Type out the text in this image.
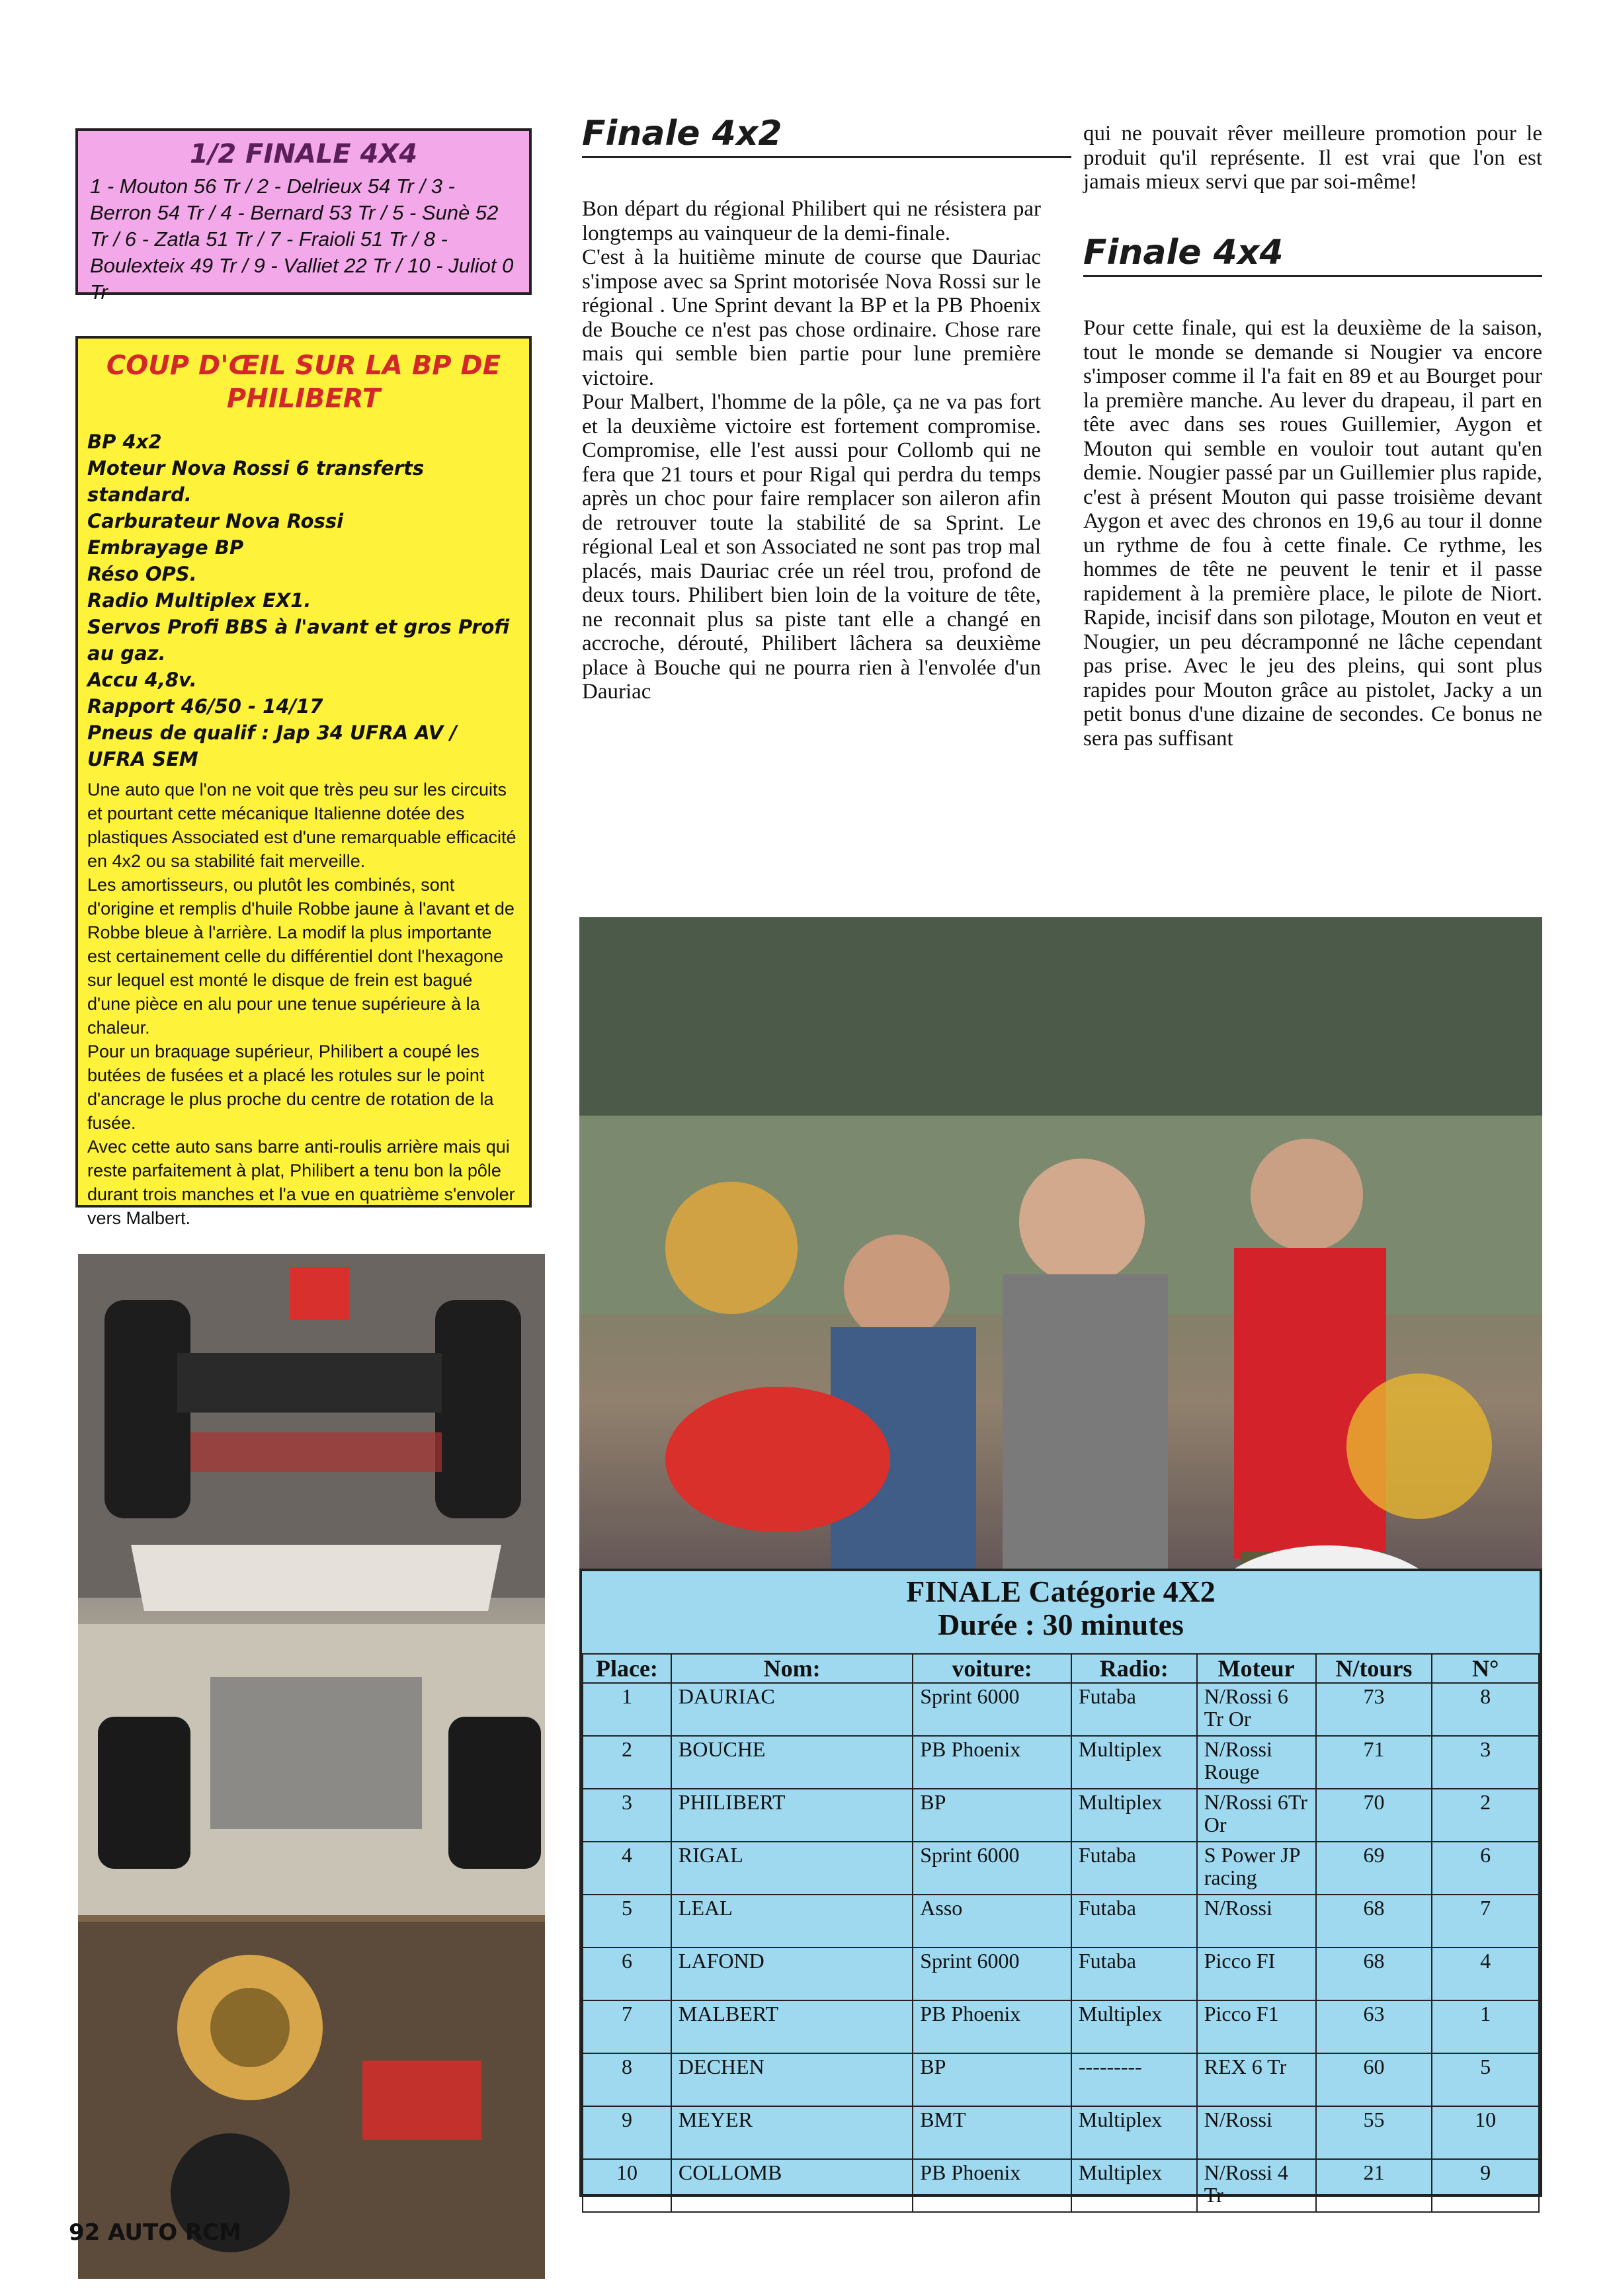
1/2 FINALE 4X4
1 - Mouton 56 Tr / 2 - Delrieux 54 Tr / 3 - Berron 54 Tr / 4 - Bernard 53 Tr / 5 - Sunè 52 Tr / 6 - Zatla 51 Tr / 7 - Fraioli 51 Tr / 8 - Boulexteix 49 Tr / 9 - Valliet 22 Tr / 10 - Juliot 0 Tr
COUP D'ŒIL SUR LA BP DE PHILIBERT
BP 4x2
Moteur Nova Rossi 6 transferts standard.
Carburateur Nova Rossi
Embrayage BP
Réso OPS.
Radio Multiplex EX1.
Servos Profi BBS à l'avant et gros Profi au gaz.
Accu 4,8v.
Rapport 46/50 - 14/17
Pneus de qualif : Jap 34 UFRA AV / UFRA SEM

Une auto que l'on ne voit que très peu sur les circuits et pourtant cette mécanique Italienne dotée des plastiques Associated est d'une remarquable efficacité en 4x2 ou sa stabilité fait merveille.

Les amortisseurs, ou plutôt les combinés, sont d'origine et remplis d'huile Robbe jaune à l'avant et de Robbe bleue à l'arrière. La modif la plus importante est certainement celle du différentiel dont l'hexagone sur lequel est monté le disque de frein est bagué d'une pièce en alu pour une tenue supérieure à la chaleur.

Pour un braquage supérieur, Philibert a coupé les butées de fusées et a placé les rotules sur le point d'ancrage le plus proche du centre de rotation de la fusée.

Avec cette auto sans barre anti-roulis arrière mais qui reste parfaitement à plat, Philibert a tenu bon la pôle durant trois manches et l'a vue en quatrième s'envoler vers Malbert.

Finale 4x2

Bon départ du régional Philibert qui ne résistera par longtemps au vainqueur de la demi-finale.

C'est à la huitième minute de course que Dauriac s'impose avec sa Sprint motorisée Nova Rossi sur le régional . Une Sprint devant la BP et la PB Phoenix de Bouche ce n'est pas chose ordinaire. Chose rare mais qui semble bien partie pour lune première victoire.

Pour Malbert, l'homme de la pôle, ça ne va pas fort et la deuxième victoire est fortement compromise. Compromise, elle l'est aussi pour Collomb qui ne fera que 21 tours et pour Rigal qui perdra du temps après un choc pour faire remplacer son aileron afin de retrouver toute la stabilité de sa Sprint. Le régional Leal et son Associated ne sont pas trop mal placés, mais Dauriac crée un réel trou, profond de deux tours. Philibert bien loin de la voiture de tête, ne reconnait plus sa piste tant elle a changé en accroche, dérouté, Philibert lâchera sa deuxième place à Bouche qui ne pourra rien à l'envolée d'un Dauriac

qui ne pouvait rêver meilleure promotion pour le produit qu'il représente. Il est vrai que l'on est jamais mieux servi que par soi-même!
Finale 4x4
Pour cette finale, qui est la deuxième de la saison, tout le monde se demande si Nougier va encore s'imposer comme il l'a fait en 89 et au Bourget pour la première manche. Au lever du drapeau, il part en tête avec dans ses roues Guillemier, Aygon et Mouton qui semble en vouloir tout autant qu'en demie. Nougier passé par un Guillemier plus rapide, c'est à présent Mouton qui passe troisième devant Aygon et avec des chronos en 19,6 au tour il donne un rythme de fou à cette finale. Ce rythme, les hommes de tête ne peuvent le tenir et il passe rapidement à la première place, le pilote de Niort. Rapide, incisif dans son pilotage, Mouton en veut et Nougier, un peu décramponné ne lâche cependant pas prise. Avec le jeu des pleins, qui sont plus rapides pour Mouton grâce au pistolet, Jacky a un petit bonus d'une dizaine de secondes. Ce bonus ne sera pas suffisant
FINALE Catégorie 4X2
Durée : 30 minutes
Place:	Nom:	voiture:	Radio:	Moteur	N/tours	N°
1	DAURIAC	Sprint 6000	Futaba	N/Rossi 6 Tr Or	73	8
2	BOUCHE	PB Phoenix	Multiplex	N/Rossi Rouge	71	3
3	PHILIBERT	BP	Multiplex	N/Rossi 6Tr Or	70	2
4	RIGAL	Sprint 6000	Futaba	S Power JP racing	69	6
5	LEAL	Asso	Futaba	N/Rossi	68	7
6	LAFOND	Sprint 6000	Futaba	Picco FI	68	4
7	MALBERT	PB Phoenix	Multiplex	Picco F1	63	1
8	DECHEN	BP	---------	REX 6 Tr	60	5
9	MEYER	BMT	Multiplex	N/Rossi	55	10
10	COLLOMB	PB Phoenix	Multiplex	N/Rossi 4 Tr	21	9
92 AUTO RCM
